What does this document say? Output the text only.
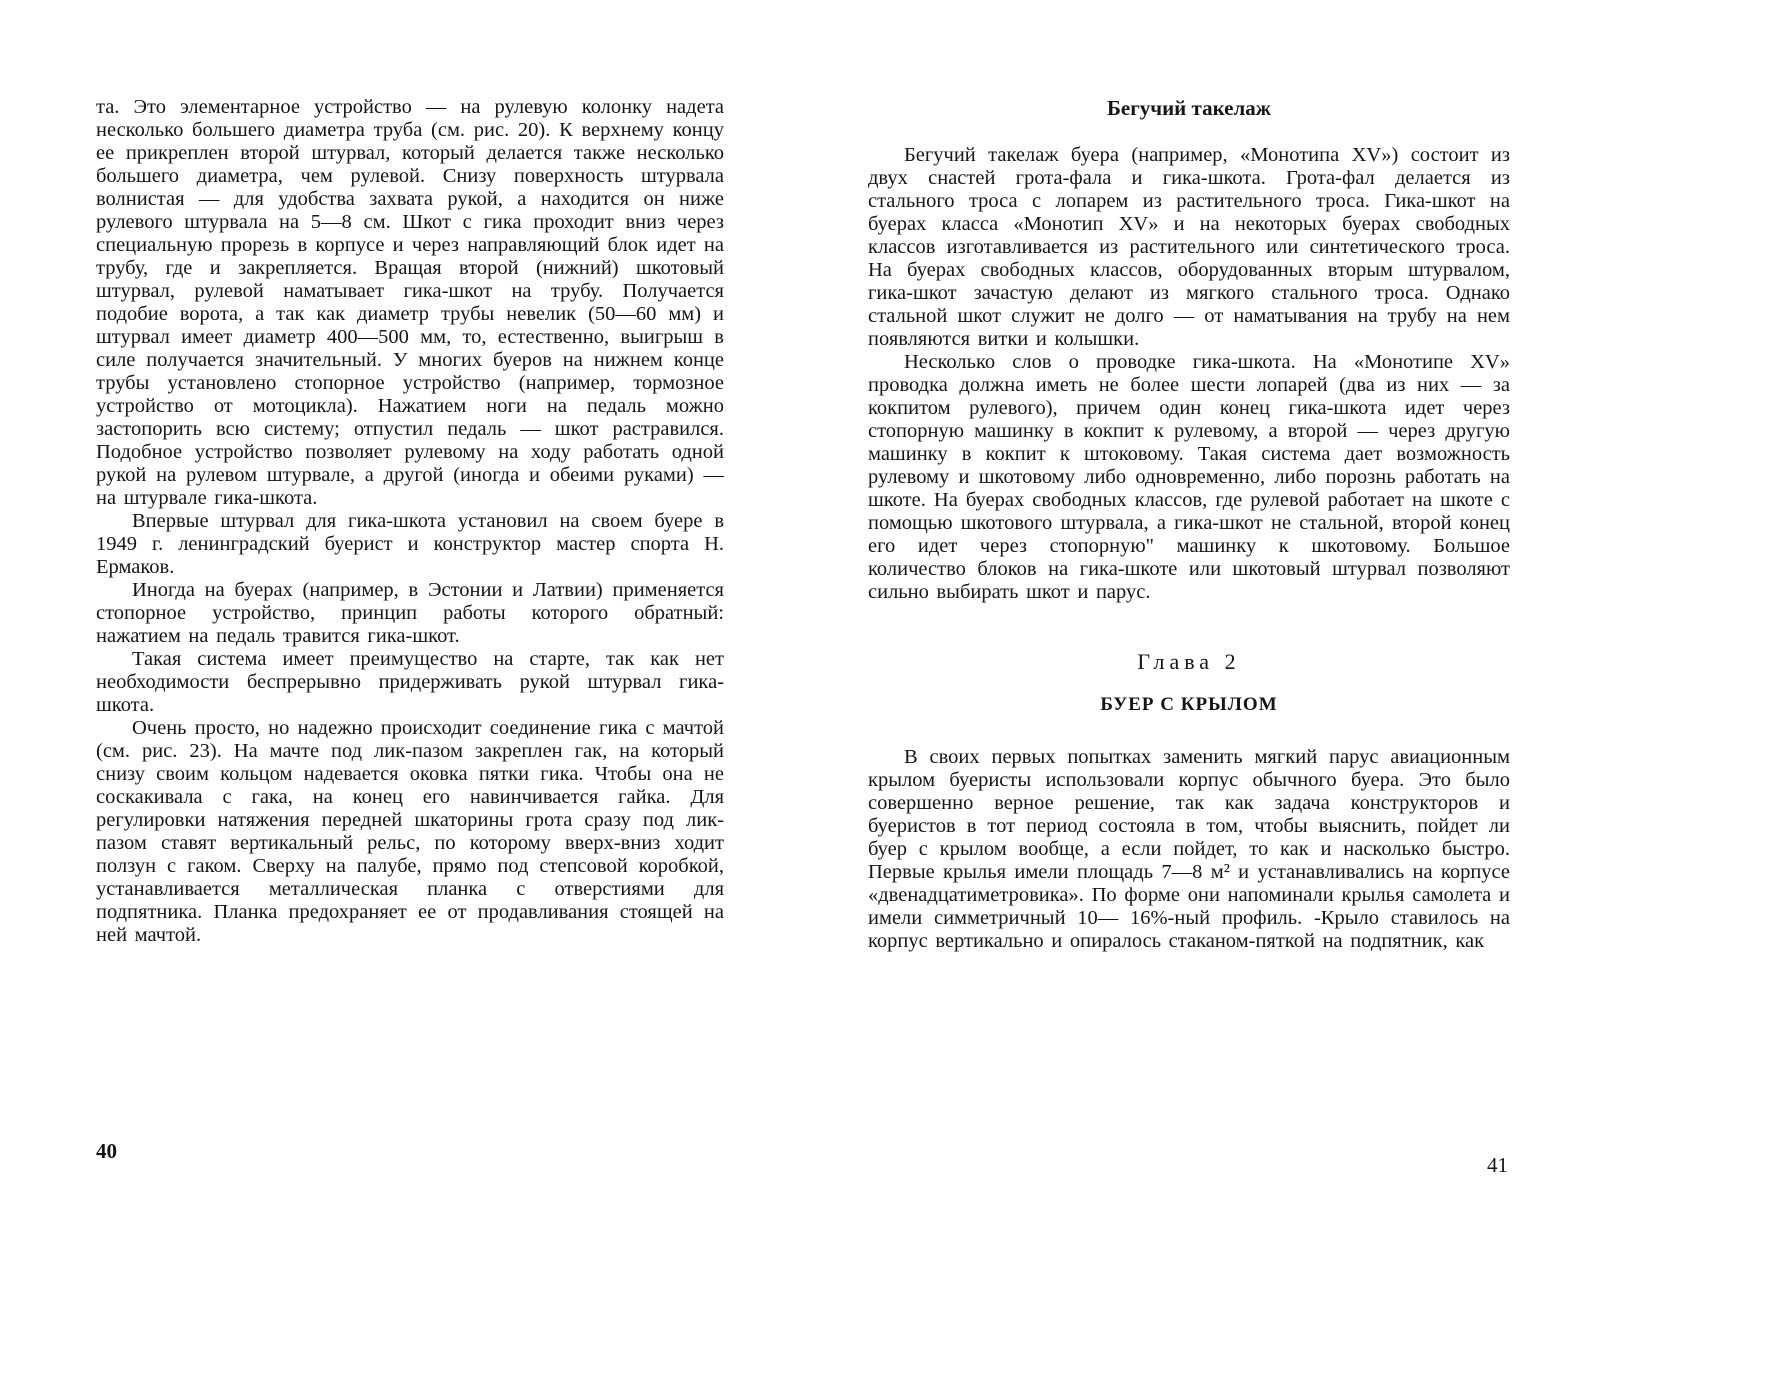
та. Это элементарное устройство — на рулевую колонку надета несколько большего диаметра труба (см. рис. 20). К верхнему концу ее прикреплен второй штурвал, который делается также несколько большего диаметра, чем рулевой. Снизу поверхность штурвала волнистая — для удобства захвата рукой, а находится он ниже рулевого штурвала на 5—8 см. Шкот с гика проходит вниз через специальную прорезь в корпусе и через направляющий блок идет на трубу, где и закрепляется. Вращая второй (нижний) шкотовый штурвал, рулевой наматывает гика-шкот на трубу. Получается подобие ворота, а так как диаметр трубы невелик (50—60 мм) и штурвал имеет диаметр 400—500 мм, то, естественно, выигрыш в силе получается значительный. У многих буеров на нижнем конце трубы установлено стопорное устройство (например, тормозное устройство от мотоцикла). Нажатием ноги на педаль можно застопорить всю систему; отпустил педаль — шкот растравился. Подобное устройство позволяет рулевому на ходу работать одной рукой на рулевом штурвале, а другой (иногда и обеими руками) — на штурвале гика-шкота.

Впервые штурвал для гика-шкота установил на своем буере в 1949 г. ленинградский буерист и конструктор мастер спорта Н. Ермаков.

Иногда на буерах (например, в Эстонии и Латвии) применяется стопорное устройство, принцип работы которого обратный: нажатием на педаль травится гика-шкот.

Такая система имеет преимущество на старте, так как нет необходимости беспрерывно придерживать рукой штурвал гика-шкота.

Очень просто, но надежно происходит соединение гика с мачтой (см. рис. 23). На мачте под лик-пазом закреплен гак, на который снизу своим кольцом надевается оковка пятки гика. Чтобы она не соскакивала с гака, на конец его навинчивается гайка. Для регулировки натяжения передней шкаторины грота сразу под лик-пазом ставят вертикальный рельс, по которому вверх-вниз ходит ползун с гаком. Сверху на палубе, прямо под степсовой коробкой, устанавливается металлическая планка с отверстиями для подпятника. Планка предохраняет ее от продавливания стоящей на ней мачтой.

Бегучий такелаж

Бегучий такелаж буера (например, «Монотипа XV») состоит из двух снастей грота-фала и гика-шкота. Грота-фал делается из стального троса с лопарем из растительного троса. Гика-шкот на буерах класса «Монотип XV» и на некоторых буерах свободных классов изготавливается из растительного или синтетического троса. На буерах свободных классов, оборудованных вторым штурвалом, гика-шкот зачастую делают из мягкого стального троса. Однако стальной шкот служит не долго — от наматывания на трубу на нем появляются витки и колышки.

Несколько слов о проводке гика-шкота. На «Монотипе XV» проводка должна иметь не более шести лопарей (два из них — за кокпитом рулевого), причем один конец гика-шкота идет через стопорную машинку в кокпит к рулевому, а второй — через другую машинку в кокпит к штоковому. Такая система дает возможность рулевому и шкотовому либо одновременно, либо порознь работать на шкоте. На буерах свободных классов, где рулевой работает на шкоте с помощью шкотового штурвала, а гика-шкот не стальной, второй конец его идет через стопорную" машинку к шкотовому. Большое количество блоков на гика-шкоте или шкотовый штурвал позволяют сильно выбирать шкот и парус.

Глава 2
БУЕР С КРЫЛОМ

В своих первых попытках заменить мягкий парус авиационным крылом буеристы использовали корпус обычного буера. Это было совершенно верное решение, так как задача конструкторов и буеристов в тот период состояла в том, чтобы выяснить, пойдет ли буер с крылом вообще, а если пойдет, то как и насколько быстро. Первые крылья имели площадь 7—8 м² и устанавливались на корпусе «двенадцатиметровика». По форме они напоминали крылья самолета и имели симметричный 10— 16%-ный профиль. -Крыло ставилось на корпус вертикально и опиралось стаканом-пяткой на подпятник, как

40
41
